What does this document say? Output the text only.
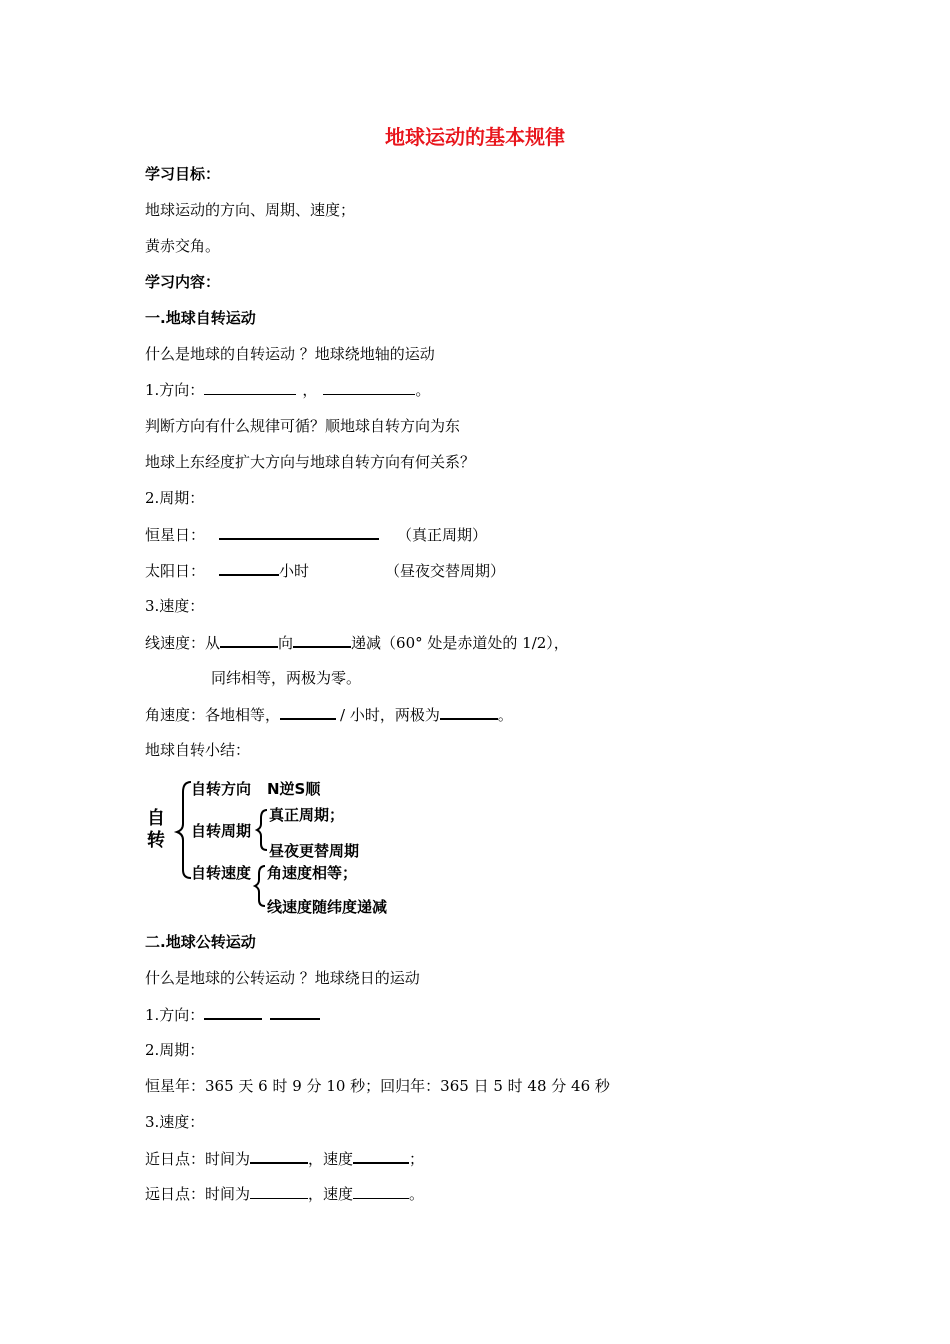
地球运动的基本规律
学习目标：
地球运动的方向、周期、速度；
黄赤交角。
学习内容：
一.地球自转运动
什么是地球的自转运动 ？地球绕地轴的运动
1.方向：	，	。
判断方向有什么规律可循？顺地球自转方向为东
地球上东经度扩大方向与地球自转方向有何关系？
2.周期：
恒星日：	（真正周期）
太阳日：	小时	（昼夜交替周期）
3.速度：
线速度：从	向	递减（60° 处是赤道处的 1/2），
同纬相等，两极为零。
角速度：各地相等，	/ 小时，两极为	。
地球自转小结：
自
转
自转方向 N逆S顺
自转周期
真正周期；
昼夜更替周期
自转速度 角速度相等；
线速度随纬度递减
二.地球公转运动
什么是地球的公转运动 ？地球绕日的运动
1.方向：
2.周期：
恒星年：365 天 6 时 9 分 10 秒；回归年：365 日 5 时 48 分 46 秒
3.速度：
近日点：时间为	，速度	；
远日点：时间为	，速度	。
